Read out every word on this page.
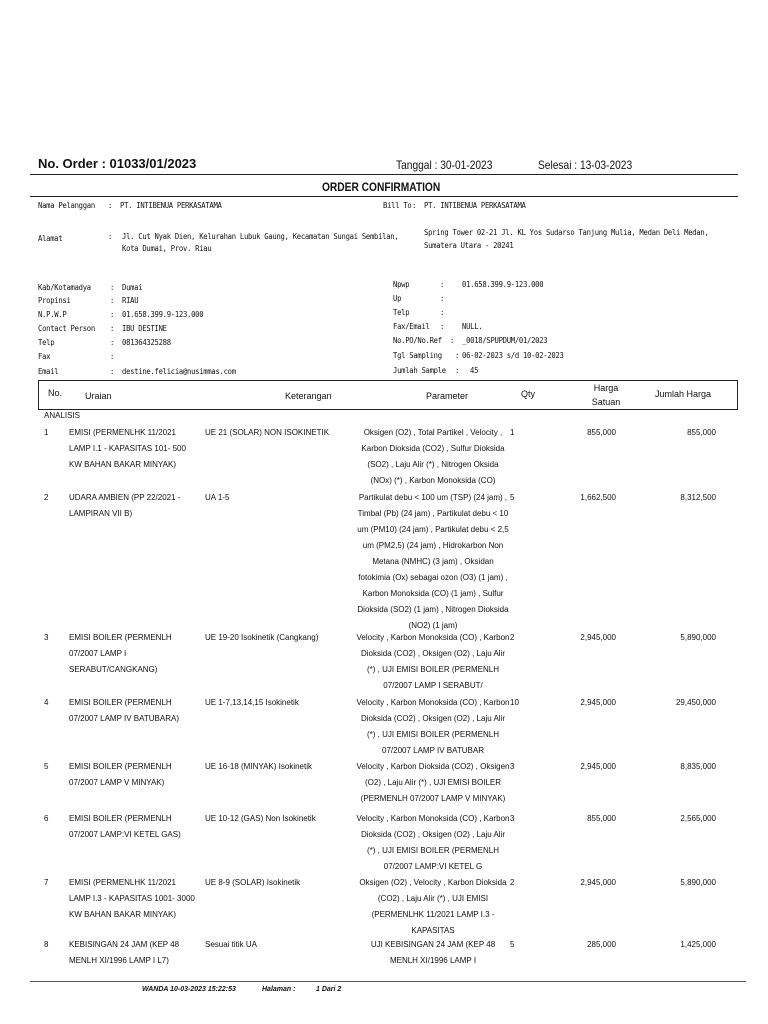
No. Order : 01033/01/2023	Tanggal : 30-01-2023	Selesai : 13-03-2023
ORDER CONFIRMATION
Nama Pelanggan : PT. INTIBENUA PERKASATAMA	Bill To : PT. INTIBENUA PERKASATAMA
Alamat	: Jl. Cut Nyak Dien, Kelurahan Lubuk Gaung, Kecamatan Sungai Sembilan,
Kota Dumai, Prov. Riau
Spring Tower 02-21 Jl. KL Yos Sudarso Tanjung Mulia, Medan Deli Medan,
Sumatera Utara - 20241
Kab/Kotamadya : Dumai
Propinsi	: RIAU
N.P.W.P	: 01.658.399.9-123.000
Contact Person : IBU DESTINE
Telp	: 081364325288
Fax	:
Email	: destine.felicia@nusimmas.com
Npwp	: 01.658.399.9-123.000
Up	:
Telp	:
Fax/Email : NULL.
No.PO/No.Ref : _0018/SPUPDUM/01/2023
Tgl Sampling : 06-02-2023 s/d 10-02-2023
Jumlah Sample : 45
No.	Uraian	Keterangan	Parameter	Qty
Harga
Satuan
Jumlah Harga
ANALISIS
1	EMISI (PERMENLHK 11/2021
LAMP I.1 - KAPASITAS 101- 500
KW BAHAN BAKAR MINYAK)
UE 21 (SOLAR) NON ISOKINETIK	Oksigen (O2) , Total Partikel , Velocity ,
Karbon Dioksida (CO2) , Sulfur Dioksida
(SO2) , Laju Alir (*) , Nitrogen Oksida
(NOx) (*) , Karbon Monoksida (CO)
1	855,000	855,000
2	UDARA AMBIEN (PP 22/2021 -
LAMPIRAN VII B)
UA 1-5	Partikulat debu < 100 um (TSP) (24 jam) ,
Timbal (Pb) (24 jam) , Partikulat debu < 10
um (PM10) (24 jam) , Partikulat debu < 2,5
um (PM2,5) (24 jam) , Hidrokarbon Non
Metana (NMHC) (3 jam) , Oksidan
fotokimia (Ox) sebagai ozon (O3) (1 jam) ,
Karbon Monoksida (CO) (1 jam) , Sulfur
Dioksida (SO2) (1 jam) , Nitrogen Dioksida
(NO2) (1 jam)
5	1,662,500	8,312,500
3	EMISI BOILER (PERMENLH
07/2007 LAMP I
SERABUT/CANGKANG)
UE 19-20 Isokinetik (Cangkang)	Velocity , Karbon Monoksida (CO) , Karbon
Dioksida (CO2) , Oksigen (O2) , Laju Alir
(*) , UJI EMISI BOILER (PERMENLH
07/2007 LAMP I SERABUT/
2	2,945,000	5,890,000
4	EMISI BOILER (PERMENLH
07/2007 LAMP IV BATUBARA)
UE 1-7,13,14,15 Isokinetik	Velocity , Karbon Monoksida (CO) , Karbon
Dioksida (CO2) , Oksigen (O2) , Laju Alir
(*) , UJI EMISI BOILER (PERMENLH
07/2007 LAMP IV BATUBAR
10	2,945,000	29,450,000
5	EMISI BOILER (PERMENLH
07/2007 LAMP V MINYAK)
UE 16-18 (MINYAK) Isokinetik	Velocity , Karbon Dioksida (CO2) , Oksigen
(O2) , Laju Alir (*) , UJI EMISI BOILER
(PERMENLH 07/2007 LAMP V MINYAK)
3	2,945,000	8,835,000
6	EMISI BOILER (PERMENLH
07/2007 LAMP:VI KETEL GAS)
UE 10-12 (GAS) Non Isokinetik	Velocity , Karbon Monoksida (CO) , Karbon
Dioksida (CO2) , Oksigen (O2) , Laju Alir
(*) , UJI EMISI BOILER (PERMENLH
07/2007 LAMP:VI KETEL G
3	855,000	2,565,000
7	EMISI (PERMENLHK 11/2021
LAMP I.3 - KAPASITAS 1001- 3000
KW BAHAN BAKAR MINYAK)
UE 8-9 (SOLAR) Isokinetik	Oksigen (O2) , Velocity , Karbon Dioksida
(CO2) , Laju Alir (*) , UJI EMISI
(PERMENLHK 11/2021 LAMP I.3 -
KAPASITAS
2	2,945,000	5,890,000
8	KEBISINGAN 24 JAM (KEP 48
MENLH XI/1996 LAMP I L7)
Sesuai titik UA	UJI KEBISINGAN 24 JAM (KEP 48
MENLH XI/1996 LAMP I
5	285,000	1,425,000
WANDA 10-03-2023 15:22:53	Halaman :	1 Dari 2
